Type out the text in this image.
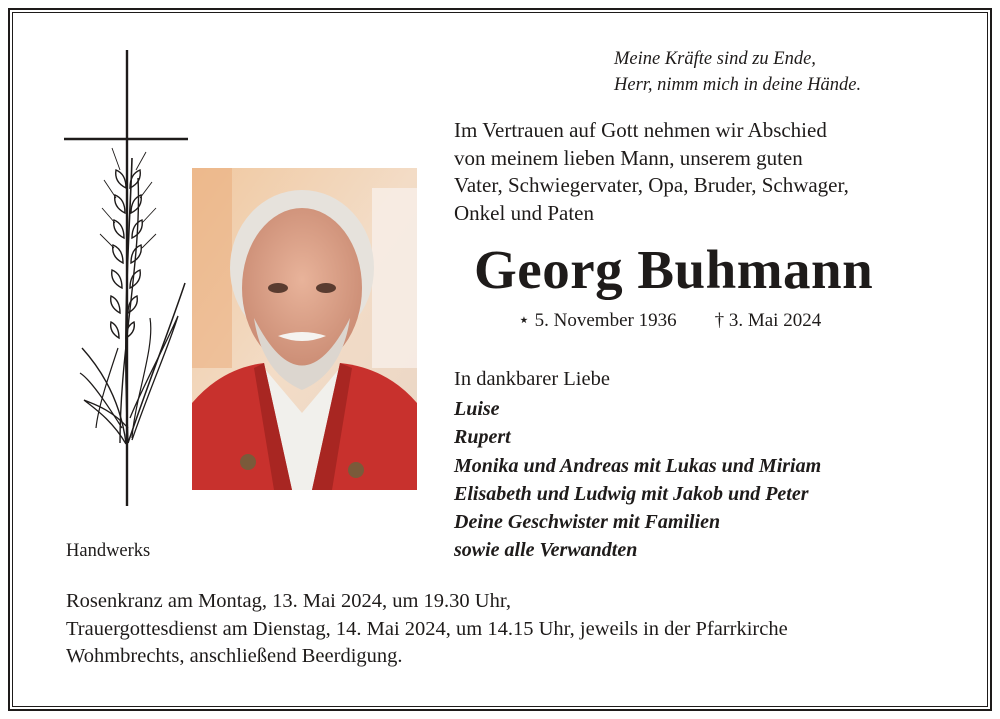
Meine Kräfte sind zu Ende,
Herr, nimm mich in deine Hände.
Im Vertrauen auf Gott nehmen wir Abschied
von meinem lieben Mann, unserem guten
Vater, Schwiegervater, Opa, Bruder, Schwager,
Onkel und Paten
Georg Buhmann
⋆ 5. November 1936 † 3. Mai 2024
In dankbarer Liebe
Luise
Rupert
Monika und Andreas mit Lukas und Miriam
Elisabeth und Ludwig mit Jakob und Peter
Deine Geschwister mit Familien
sowie alle Verwandten
Handwerks
Rosenkranz am Montag, 13. Mai 2024, um 19.30 Uhr,
Trauergottesdienst am Dienstag, 14. Mai 2024, um 14.15 Uhr, jeweils in der Pfarrkirche
Wohmbrechts, anschließend Beerdigung.
